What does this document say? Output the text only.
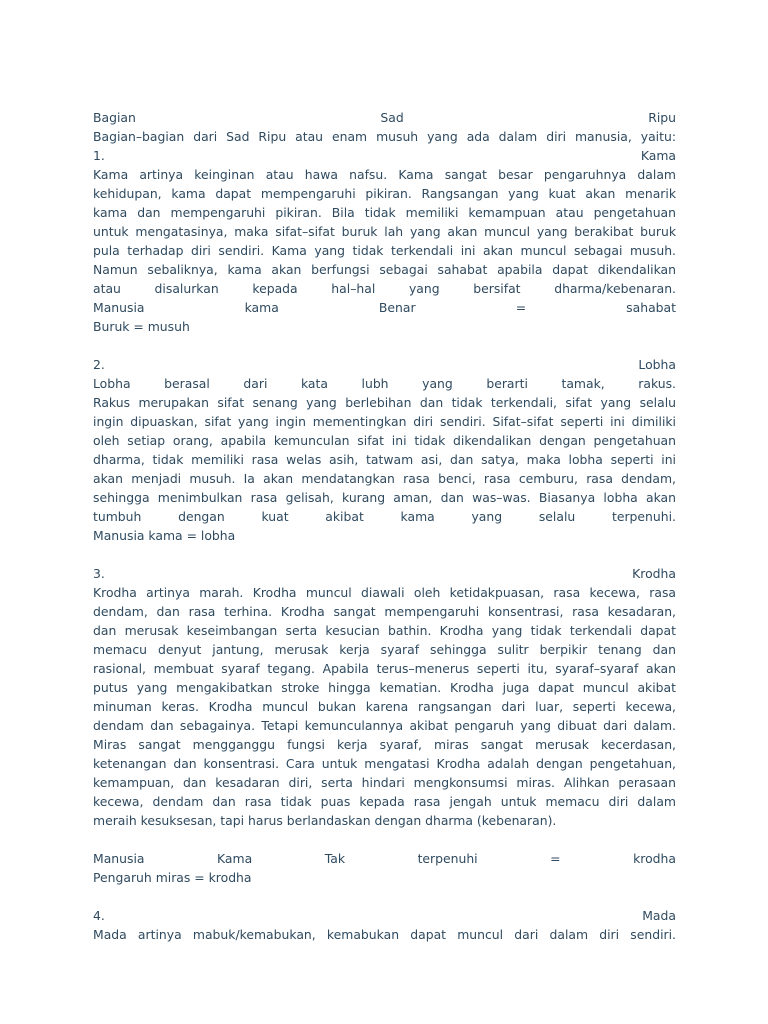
Bagian Sad Ripu
Bagian–bagian dari Sad Ripu atau enam musuh yang ada dalam diri manusia, yaitu:
1. Kama
Kama artinya keinginan atau hawa nafsu. Kama sangat besar pengaruhnya dalam
kehidupan, kama dapat mempengaruhi pikiran. Rangsangan yang kuat akan menarik
kama dan mempengaruhi pikiran. Bila tidak memiliki kemampuan atau pengetahuan
untuk mengatasinya, maka sifat–sifat buruk lah yang akan muncul yang berakibat buruk
pula terhadap diri sendiri. Kama yang tidak terkendali ini akan muncul sebagai musuh.
Namun sebaliknya, kama akan berfungsi sebagai sahabat apabila dapat dikendalikan
atau disalurkan kepada hal–hal yang bersifat dharma/kebenaran.
Manusia kama Benar = sahabat
Buruk = musuh
2. Lobha
Lobha berasal dari kata lubh yang berarti tamak, rakus.
Rakus merupakan sifat senang yang berlebihan dan tidak terkendali, sifat yang selalu
ingin dipuaskan, sifat yang ingin mementingkan diri sendiri. Sifat–sifat seperti ini dimiliki
oleh setiap orang, apabila kemunculan sifat ini tidak dikendalikan dengan pengetahuan
dharma, tidak memiliki rasa welas asih, tatwam asi, dan satya, maka lobha seperti ini
akan menjadi musuh. Ia akan mendatangkan rasa benci, rasa cemburu, rasa dendam,
sehingga menimbulkan rasa gelisah, kurang aman, dan was–was. Biasanya lobha akan
tumbuh dengan kuat akibat kama yang selalu terpenuhi.
Manusia kama = lobha
3. Krodha
Krodha artinya marah. Krodha muncul diawali oleh ketidakpuasan, rasa kecewa, rasa
dendam, dan rasa terhina. Krodha sangat mempengaruhi konsentrasi, rasa kesadaran,
dan merusak keseimbangan serta kesucian bathin. Krodha yang tidak terkendali dapat
memacu denyut jantung, merusak kerja syaraf sehingga sulitr berpikir tenang dan
rasional, membuat syaraf tegang. Apabila terus–menerus seperti itu, syaraf–syaraf akan
putus yang mengakibatkan stroke hingga kematian. Krodha juga dapat muncul akibat
minuman keras. Krodha muncul bukan karena rangsangan dari luar, seperti kecewa,
dendam dan sebagainya. Tetapi kemunculannya akibat pengaruh yang dibuat dari dalam.
Miras sangat mengganggu fungsi kerja syaraf, miras sangat merusak kecerdasan,
ketenangan dan konsentrasi. Cara untuk mengatasi Krodha adalah dengan pengetahuan,
kemampuan, dan kesadaran diri, serta hindari mengkonsumsi miras. Alihkan perasaan
kecewa, dendam dan rasa tidak puas kepada rasa jengah untuk memacu diri dalam
meraih kesuksesan, tapi harus berlandaskan dengan dharma (kebenaran).
Manusia Kama Tak terpenuhi = krodha
Pengaruh miras = krodha
4. Mada
Mada artinya mabuk/kemabukan, kemabukan dapat muncul dari dalam diri sendiri.
